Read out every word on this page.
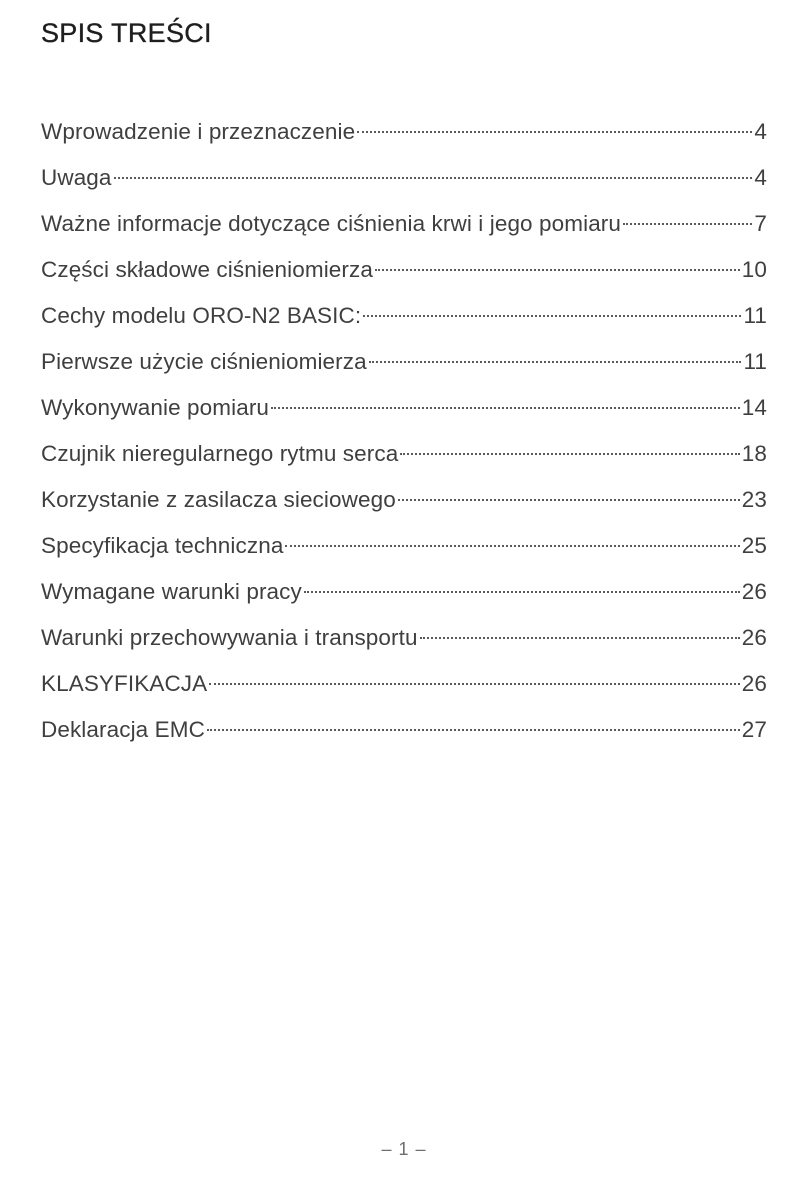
SPIS TREŚCI
Wprowadzenie i przeznaczenie	4
Uwaga	4
Ważne informacje dotyczące ciśnienia krwi i jego pomiaru	7
Części składowe ciśnieniomierza	10
Cechy modelu ORO-N2 BASIC:	11
Pierwsze użycie ciśnieniomierza	11
Wykonywanie pomiaru	14
Czujnik nieregularnego rytmu serca	18
Korzystanie z zasilacza sieciowego	23
Specyfikacja techniczna	25
Wymagane warunki pracy	26
Warunki przechowywania i transportu	26
KLASYFIKACJA	26
Deklaracja EMC	27
– 1 –
